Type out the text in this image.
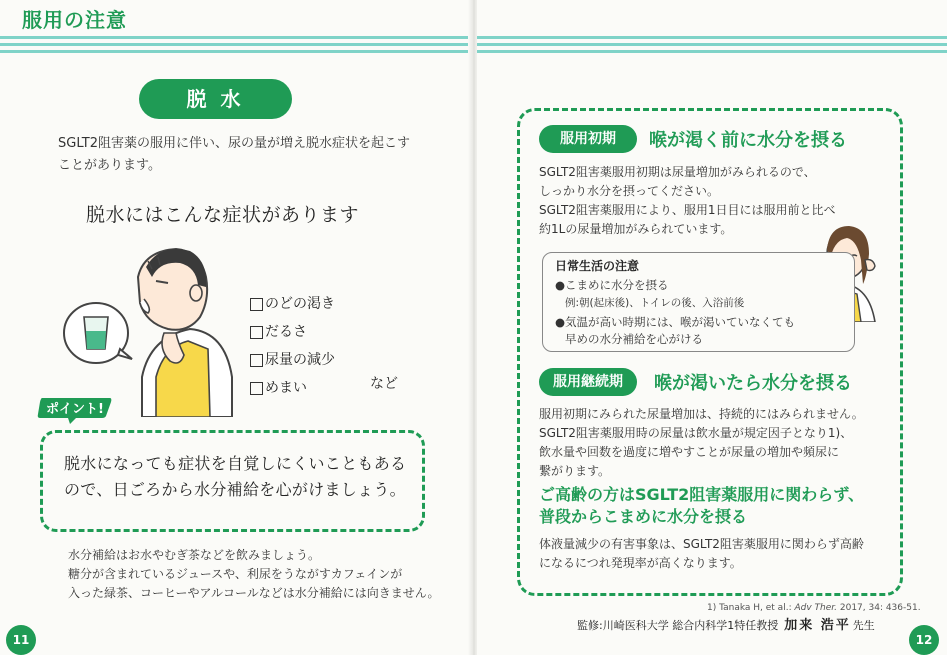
服用の注意
脱水
SGLT2阻害薬の服用に伴い、尿の量が増え脱水症状を起こすことがあります。
脱水にはこんな症状があります
のどの渇き
だるさ
尿量の減少
めまい	など
ポイント!
脱水になっても症状を自覚しにくいこともあるので、日ごろから水分補給を心がけましょう。
水分補給はお水やむぎ茶などを飲みましょう。
糖分が含まれているジュースや、利尿をうながすカフェインが
入った緑茶、コーヒーやアルコールなどは水分補給には向きません。
11
服用初期	喉が渇く前に水分を摂る
SGLT2阻害薬服用初期は尿量増加がみられるので、
しっかり水分を摂ってください。
SGLT2阻害薬服用により、服用1日目には服用前と比べ
約1Lの尿量増加がみられています。
日常生活の注意
●こまめに水分を摂る
例:朝(起床後)、トイレの後、入浴前後
●気温が高い時期には、喉が渇いていなくても
早めの水分補給を心がける
服用継続期	喉が渇いたら水分を摂る
服用初期にみられた尿量増加は、持続的にはみられません。
SGLT2阻害薬服用時の尿量は飲水量が規定因子となり1)、
飲水量や回数を過度に増やすことが尿量の増加や頻尿に
繋がります。
ご高齢の方はSGLT2阻害薬服用に関わらず、
普段からこまめに水分を摂る
体液量減少の有害事象は、SGLT2阻害薬服用に関わらず高齢
になるにつれ発現率が高くなります。
1) Tanaka H, et al.: Adv Ther. 2017, 34: 436-51.
監修:川崎医科大学 総合内科学1特任教授 加来 浩平 先生
12
